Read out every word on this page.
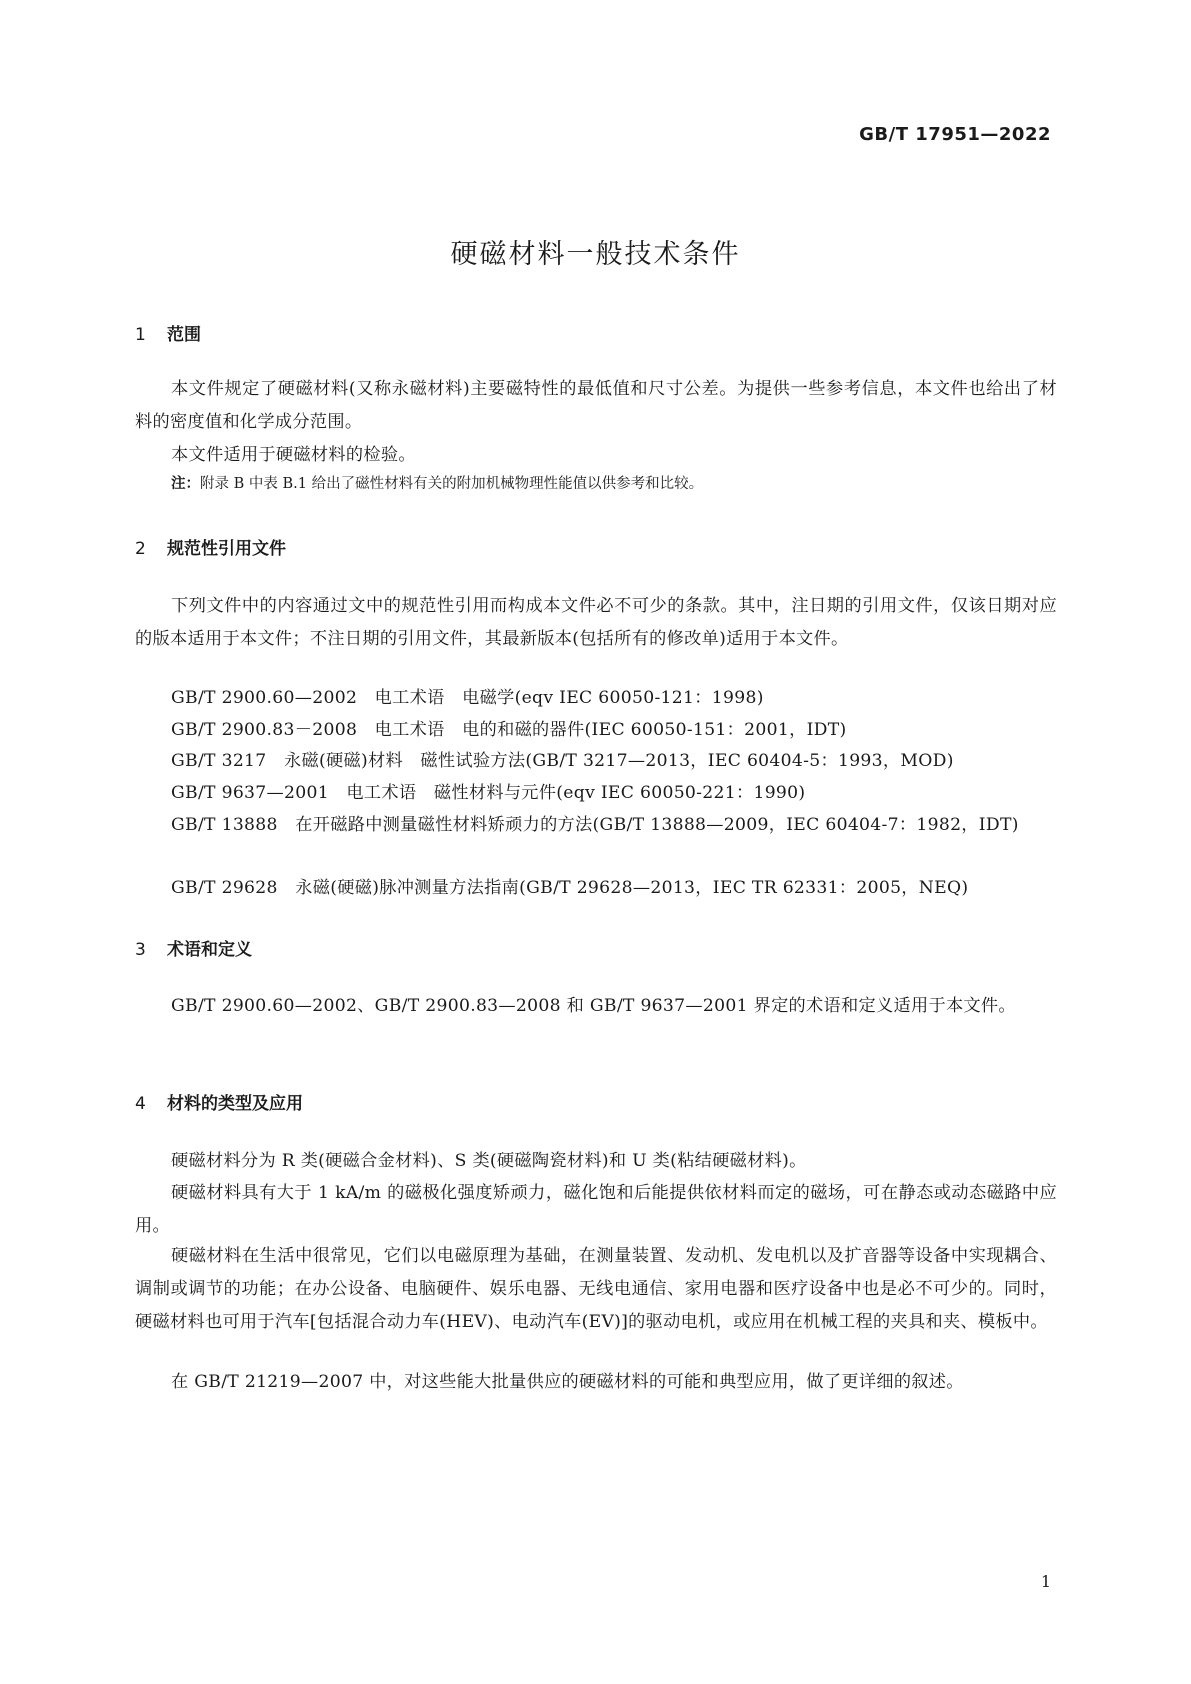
GB/T 17951—2022
硬磁材料一般技术条件
1 范围
本文件规定了硬磁材料(又称永磁材料)主要磁特性的最低值和尺寸公差。为提供一些参考信息，本文件也给出了材料的密度值和化学成分范围。
本文件适用于硬磁材料的检验。
注：附录 B 中表 B.1 给出了磁性材料有关的附加机械物理性能值以供参考和比较。
2 规范性引用文件
下列文件中的内容通过文中的规范性引用而构成本文件必不可少的条款。其中，注日期的引用文件，仅该日期对应的版本适用于本文件；不注日期的引用文件，其最新版本(包括所有的修改单)适用于本文件。
GB/T 2900.60—2002　电工术语　电磁学(eqv IEC 60050-121：1998)
GB/T 2900.83－2008　电工术语　电的和磁的器件(IEC 60050-151：2001，IDT)
GB/T 3217　永磁(硬磁)材料　磁性试验方法(GB/T 3217—2013，IEC 60404-5：1993，MOD)
GB/T 9637—2001　电工术语　磁性材料与元件(eqv IEC 60050-221：1990)
GB/T 13888　在开磁路中测量磁性材料矫顽力的方法(GB/T 13888—2009，IEC 60404-7：1982，IDT)
GB/T 29628　永磁(硬磁)脉冲测量方法指南(GB/T 29628—2013，IEC TR 62331：2005，NEQ)
3 术语和定义
GB/T 2900.60—2002、GB/T 2900.83—2008 和 GB/T 9637—2001 界定的术语和定义适用于本文件。
4 材料的类型及应用
硬磁材料分为 R 类(硬磁合金材料)、S 类(硬磁陶瓷材料)和 U 类(粘结硬磁材料)。
硬磁材料具有大于 1 kA/m 的磁极化强度矫顽力，磁化饱和后能提供依材料而定的磁场，可在静态或动态磁路中应用。
硬磁材料在生活中很常见，它们以电磁原理为基础，在测量装置、发动机、发电机以及扩音器等设备中实现耦合、调制或调节的功能；在办公设备、电脑硬件、娱乐电器、无线电通信、家用电器和医疗设备中也是必不可少的。同时，硬磁材料也可用于汽车[包括混合动力车(HEV)、电动汽车(EV)]的驱动电机，或应用在机械工程的夹具和夹、模板中。
在 GB/T 21219—2007 中，对这些能大批量供应的硬磁材料的可能和典型应用，做了更详细的叙述。
1
